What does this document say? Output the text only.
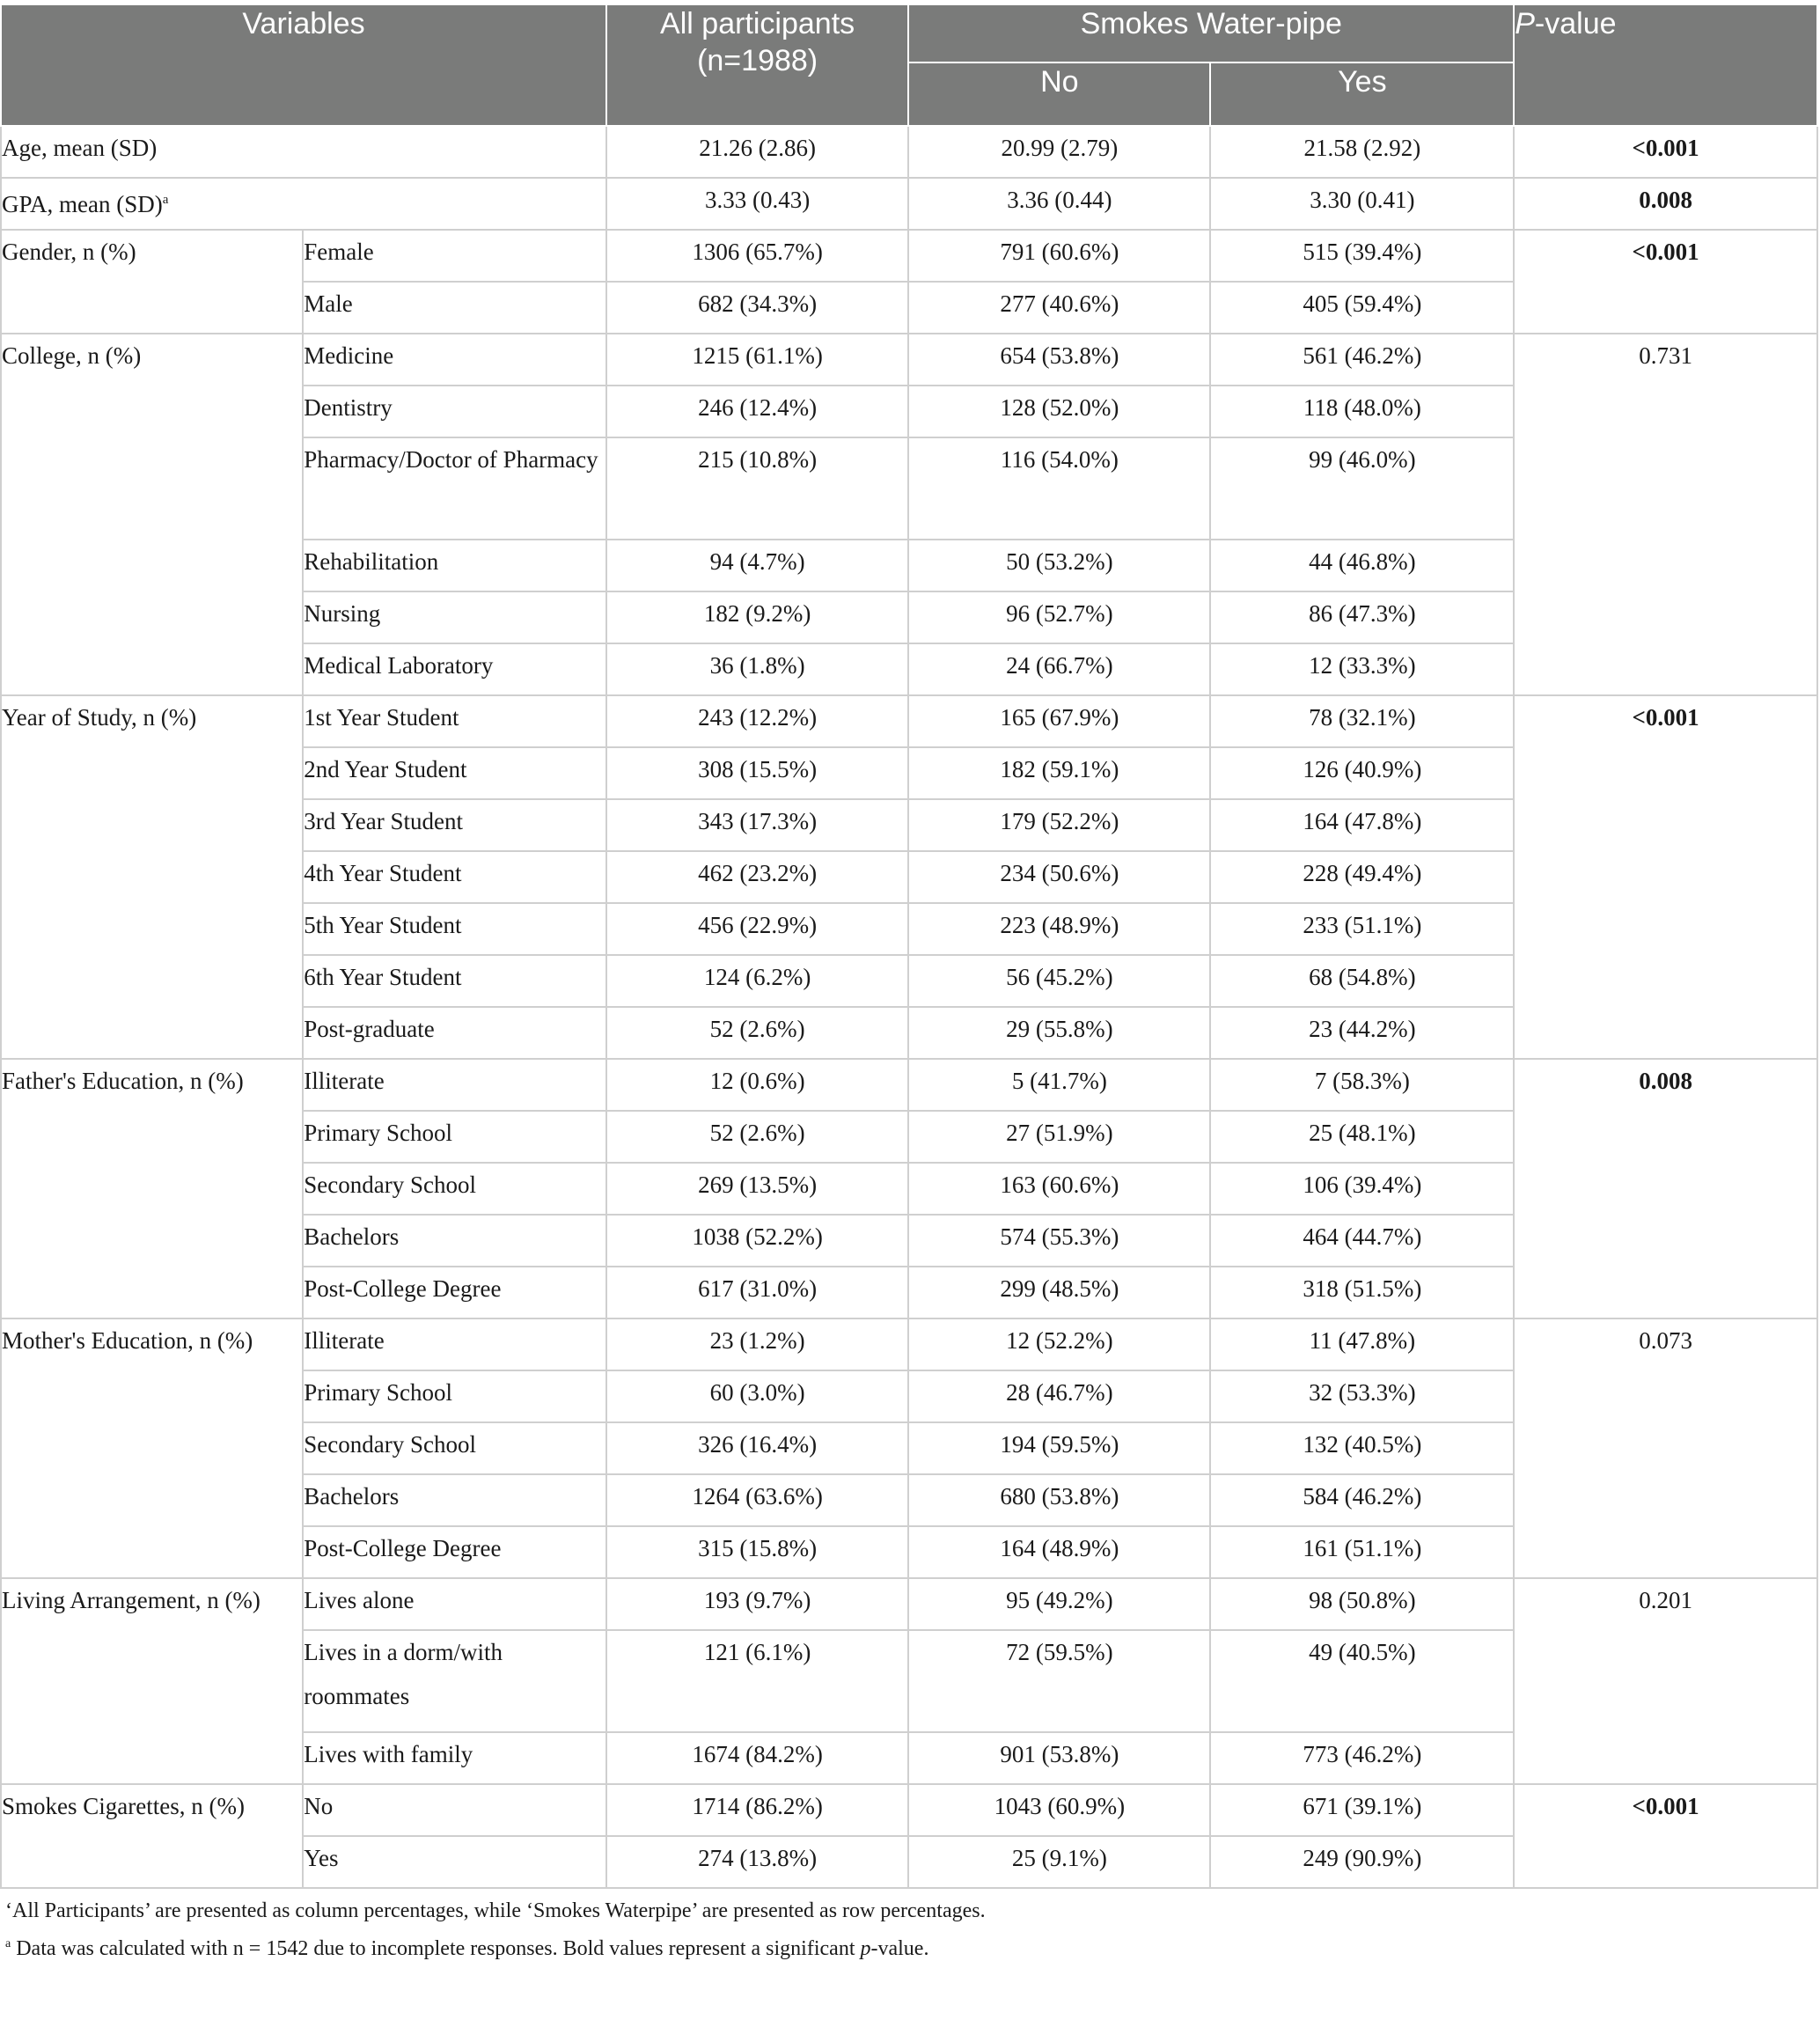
Variables		All participants
(n=1988)	Smokes Water-pipe		P-value
			No	Yes	
Age, mean (SD)		21.26 (2.86)	20.99 (2.79)	21.58 (2.92)	<0.001
GPA, mean (SD)$^a$		3.33 (0.43)	3.36 (0.44)	3.30 (0.41)	0.008
Gender, n (%)	Female	1306 (65.7%)	791 (60.6%)	515 (39.4%)	<0.001
	Male	682 (34.3%)	277 (40.6%)	405 (59.4%)	
College, n (%)	Medicine	1215 (61.1%)	654 (53.8%)	561 (46.2%)	0.731
	Dentistry	246 (12.4%)	128 (52.0%)	118 (48.0%)	
	Pharmacy/Doctor of Pharmacy	215 (10.8%)	116 (54.0%)	99 (46.0%)	
	Rehabilitation	94 (4.7%)	50 (53.2%)	44 (46.8%)	
	Nursing	182 (9.2%)	96 (52.7%)	86 (47.3%)	
	Medical Laboratory	36 (1.8%)	24 (66.7%)	12 (33.3%)	
Year of Study, n (%)	1st Year Student	243 (12.2%)	165 (67.9%)	78 (32.1%)	<0.001
	2nd Year Student	308 (15.5%)	182 (59.1%)	126 (40.9%)	
	3rd Year Student	343 (17.3%)	179 (52.2%)	164 (47.8%)	
	4th Year Student	462 (23.2%)	234 (50.6%)	228 (49.4%)	
	5th Year Student	456 (22.9%)	223 (48.9%)	233 (51.1%)	
	6th Year Student	124 (6.2%)	56 (45.2%)	68 (54.8%)	
	Post-graduate	52 (2.6%)	29 (55.8%)	23 (44.2%)	
Father's Education, n (%)	Illiterate	12 (0.6%)	5 (41.7%)	7 (58.3%)	0.008
	Primary School	52 (2.6%)	27 (51.9%)	25 (48.1%)	
	Secondary School	269 (13.5%)	163 (60.6%)	106 (39.4%)	
	Bachelors	1038 (52.2%)	574 (55.3%)	464 (44.7%)	
	Post-College Degree	617 (31.0%)	299 (48.5%)	318 (51.5%)	
Mother's Education, n (%)	Illiterate	23 (1.2%)	12 (52.2%)	11 (47.8%)	0.073
	Primary School	60 (3.0%)	28 (46.7%)	32 (53.3%)	
	Secondary School	326 (16.4%)	194 (59.5%)	132 (40.5%)	
	Bachelors	1264 (63.6%)	680 (53.8%)	584 (46.2%)	
	Post-College Degree	315 (15.8%)	164 (48.9%)	161 (51.1%)	
Living Arrangement, n (%)	Lives alone	193 (9.7%)	95 (49.2%)	98 (50.8%)	0.201
	Lives in a dorm/with roommates	121 (6.1%)	72 (59.5%)	49 (40.5%)	
	Lives with family	1674 (84.2%)	901 (53.8%)	773 (46.2%)	
Smokes Cigarettes, n (%)	No	1714 (86.2%)	1043 (60.9%)	671 (39.1%)	<0.001
	Yes	274 (13.8%)	25 (9.1%)	249 (90.9%)	
‘All Participants’ are presented as column percentages, while ‘Smokes Waterpipe’ are presented as row percentages.
$^a$ Data was calculated with n = 1542 due to incomplete responses. Bold values represent a significant p-value.
